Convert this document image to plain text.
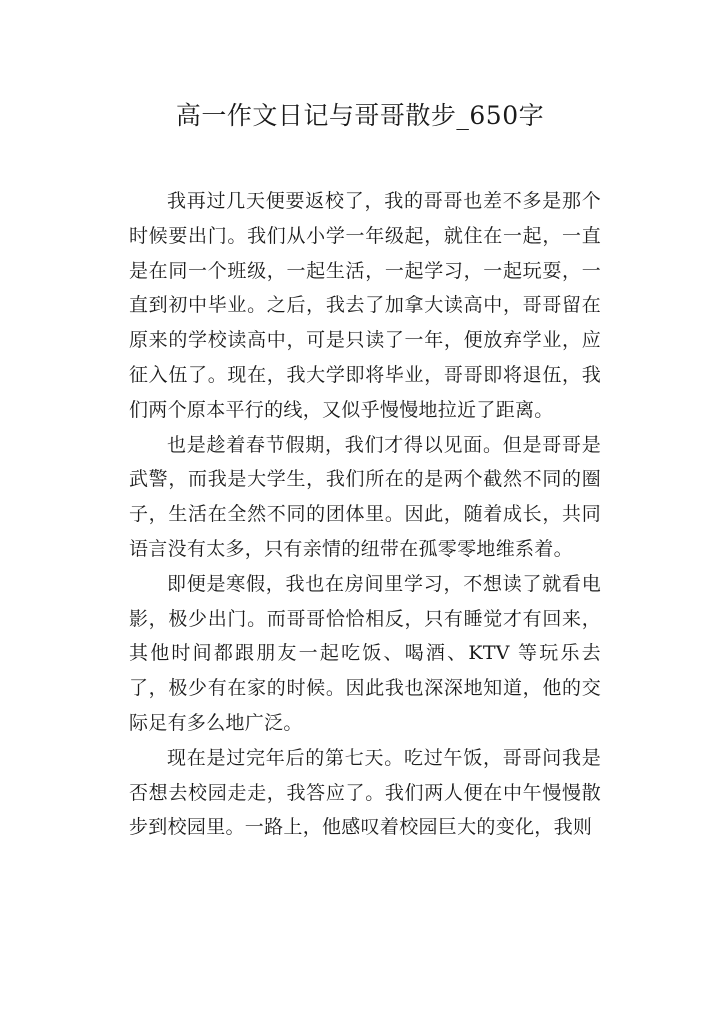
高一作文日记与哥哥散步_650字

我再过几天便要返校了，我的哥哥也差不多是那个时候要出门。我们从小学一年级起，就住在一起，一直是在同一个班级，一起生活，一起学习，一起玩耍，一直到初中毕业。之后，我去了加拿大读高中，哥哥留在原来的学校读高中，可是只读了一年，便放弃学业，应征入伍了。现在，我大学即将毕业，哥哥即将退伍，我们两个原本平行的线，又似乎慢慢地拉近了距离。

也是趁着春节假期，我们才得以见面。但是哥哥是武警，而我是大学生，我们所在的是两个截然不同的圈子，生活在全然不同的团体里。因此，随着成长，共同语言没有太多，只有亲情的纽带在孤零零地维系着。

即便是寒假，我也在房间里学习，不想读了就看电影，极少出门。而哥哥恰恰相反，只有睡觉才有回来，其他时间都跟朋友一起吃饭、喝酒、KTV 等玩乐去了，极少有在家的时候。因此我也深深地知道，他的交际足有多么地广泛。

现在是过完年后的第七天。吃过午饭，哥哥问我是否想去校园走走，我答应了。我们两人便在中午慢慢散步到校园里。一路上，他感叹着校园巨大的变化，我则
